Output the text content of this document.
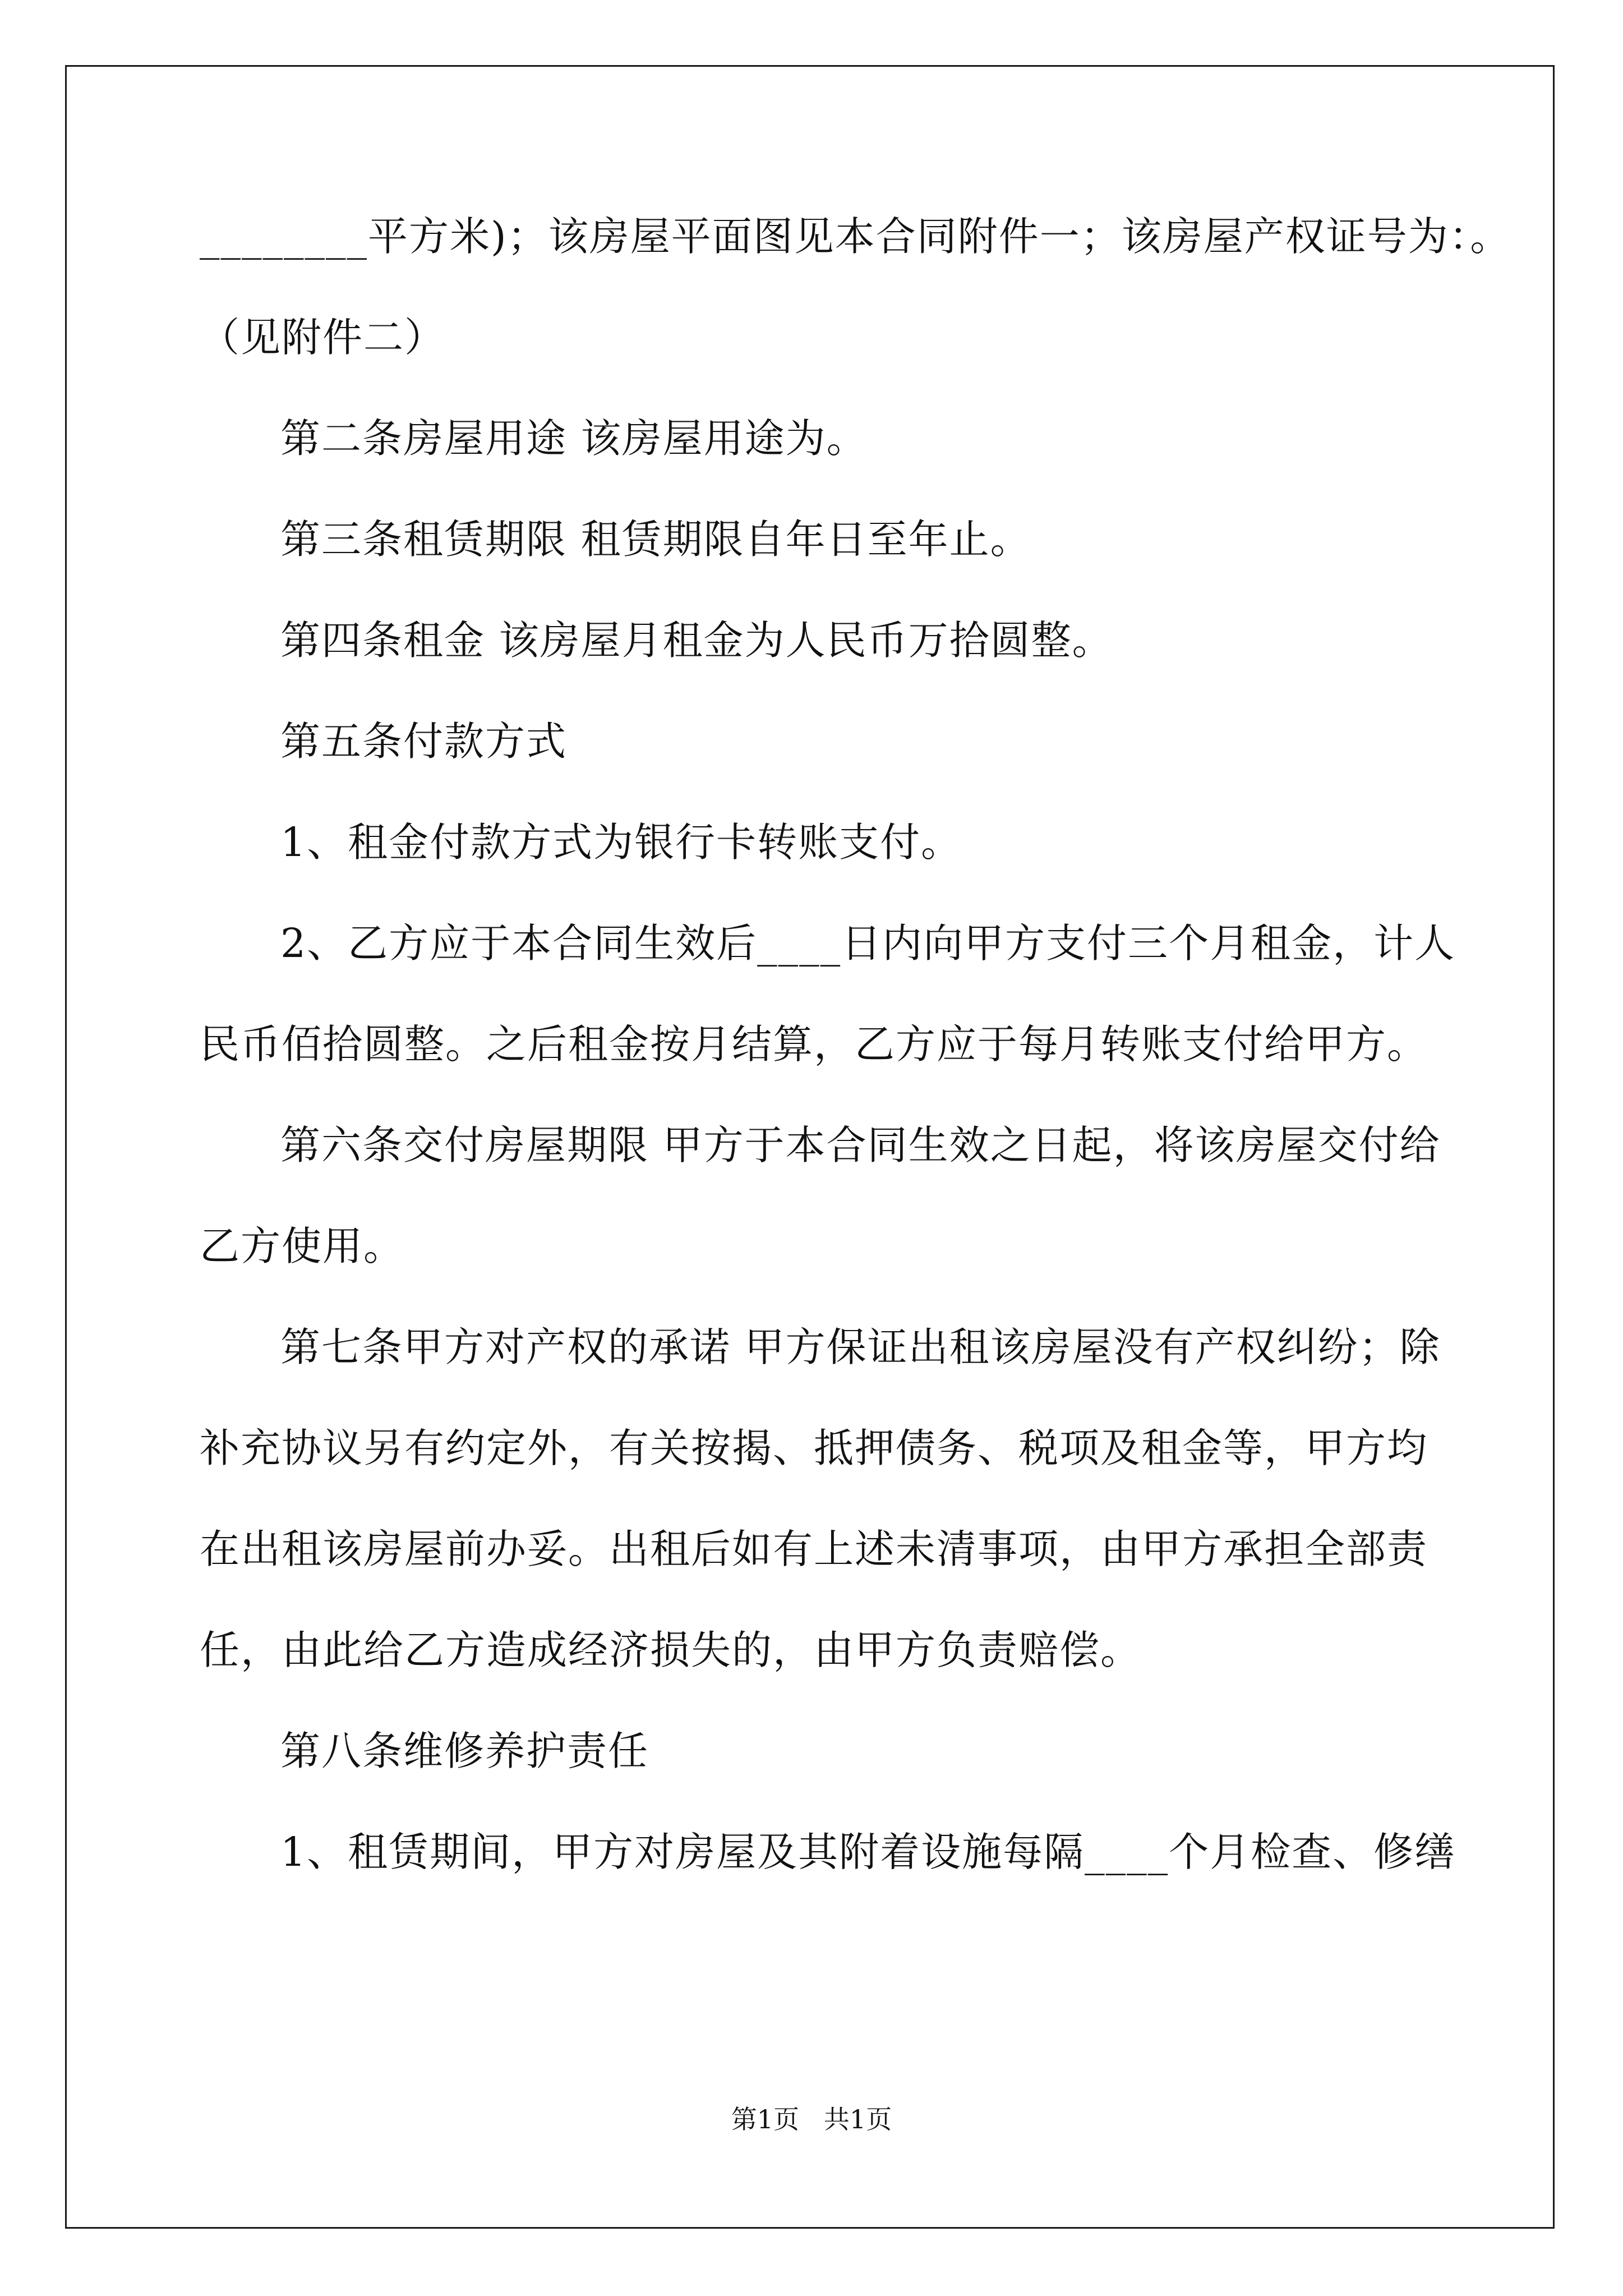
________平方米)；该房屋平面图见本合同附件一；该房屋产权证号为：。
（见附件二）
第二条房屋用途 该房屋用途为。
第三条租赁期限 租赁期限自年日至年止。
第四条租金 该房屋月租金为人民币万拾圆整。
第五条付款方式
1、租金付款方式为银行卡转账支付。
2、乙方应于本合同生效后____日内向甲方支付三个月租金，计人
民币佰拾圆整。之后租金按月结算，乙方应于每月转账支付给甲方。
第六条交付房屋期限 甲方于本合同生效之日起，将该房屋交付给
乙方使用。
第七条甲方对产权的承诺 甲方保证出租该房屋没有产权纠纷；除
补充协议另有约定外，有关按揭、抵押债务、税项及租金等，甲方均
在出租该房屋前办妥。出租后如有上述未清事项，由甲方承担全部责
任，由此给乙方造成经济损失的，由甲方负责赔偿。
第八条维修养护责任
1、租赁期间，甲方对房屋及其附着设施每隔____个月检查、修缮
第1页   共1页
